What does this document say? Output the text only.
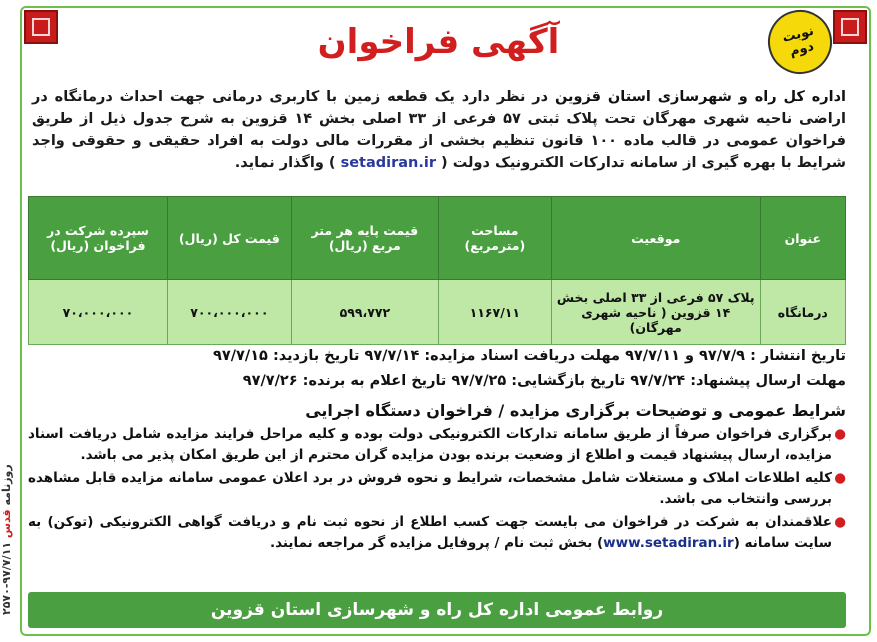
آگهی فراخوان	نوبت دوم
اداره کل راه و شهرسازی استان قزوین در نظر دارد یک قطعه زمین با کاربری درمانی جهت احداث درمانگاه در اراضی ناحیه شهری مهرگان تحت پلاک ثبتی ۵۷ فرعی از ۳۳ اصلی بخش ۱۴ قزوین به شرح جدول ذیل از طریق فراخوان عمومی در قالب ماده ۱۰۰ قانون تنظیم بخشی از مقررات مالی دولت به افراد حقیقی و حقوقی واجد شرایط با بهره گیری از سامانه تدارکات الکترونیک دولت ( setadiran.ir ) واگذار نماید.
عنوان	موقعیت	مساحت (مترمربع)	قیمت پایه هر متر مربع (ریال)	قیمت کل (ریال)	سپرده شرکت در فراخوان (ریال)
درمانگاه	پلاک ۵۷ فرعی از ۳۳ اصلی بخش ۱۴ قزوین ( ناحیه شهری مهرگان)	۱۱۶۷/۱۱	۵۹۹،۷۷۲	۷۰۰،۰۰۰،۰۰۰	۷۰،۰۰۰،۰۰۰
تاریخ انتشار : ۹۷/۷/۹ و ۹۷/۷/۱۱ مهلت دریافت اسناد مزایده: ۹۷/۷/۱۴ تاریخ بازدید: ۹۷/۷/۱۵
مهلت ارسال پیشنهاد: ۹۷/۷/۲۴ تاریخ بازگشایی: ۹۷/۷/۲۵ تاریخ اعلام به برنده: ۹۷/۷/۲۶
شرایط عمومی و توضیحات برگزاری مزایده / فراخوان دستگاه اجرایی
●
برگزاری فراخوان صرفاً از طریق سامانه تدارکات الکترونیکی دولت بوده و کلیه مراحل فرایند مزایده شامل دریافت اسناد مزایده، ارسال پیشنهاد قیمت و اطلاع از وضعیت برنده بودن مزایده گران محترم از این طریق امکان پذیر می باشد.
●
کلیه اطلاعات املاک و مستغلات شامل مشخصات، شرایط و نحوه فروش در برد اعلان عمومی سامانه مزایده قابل مشاهده بررسی وانتخاب می باشد.
●
علاقمندان به شرکت در فراخوان می بایست جهت کسب اطلاع از نحوه ثبت نام و دریافت گواهی الکترونیکی (توکن) به سایت سامانه (www.setadiran.ir) بخش ثبت نام / پروفایل مزایده گر مراجعه نمایند.
روزنامه قدس ۹۷/۷/۱۱-۲۵۷۰
روابط عمومی اداره کل راه و شهرسازی استان قزوین
